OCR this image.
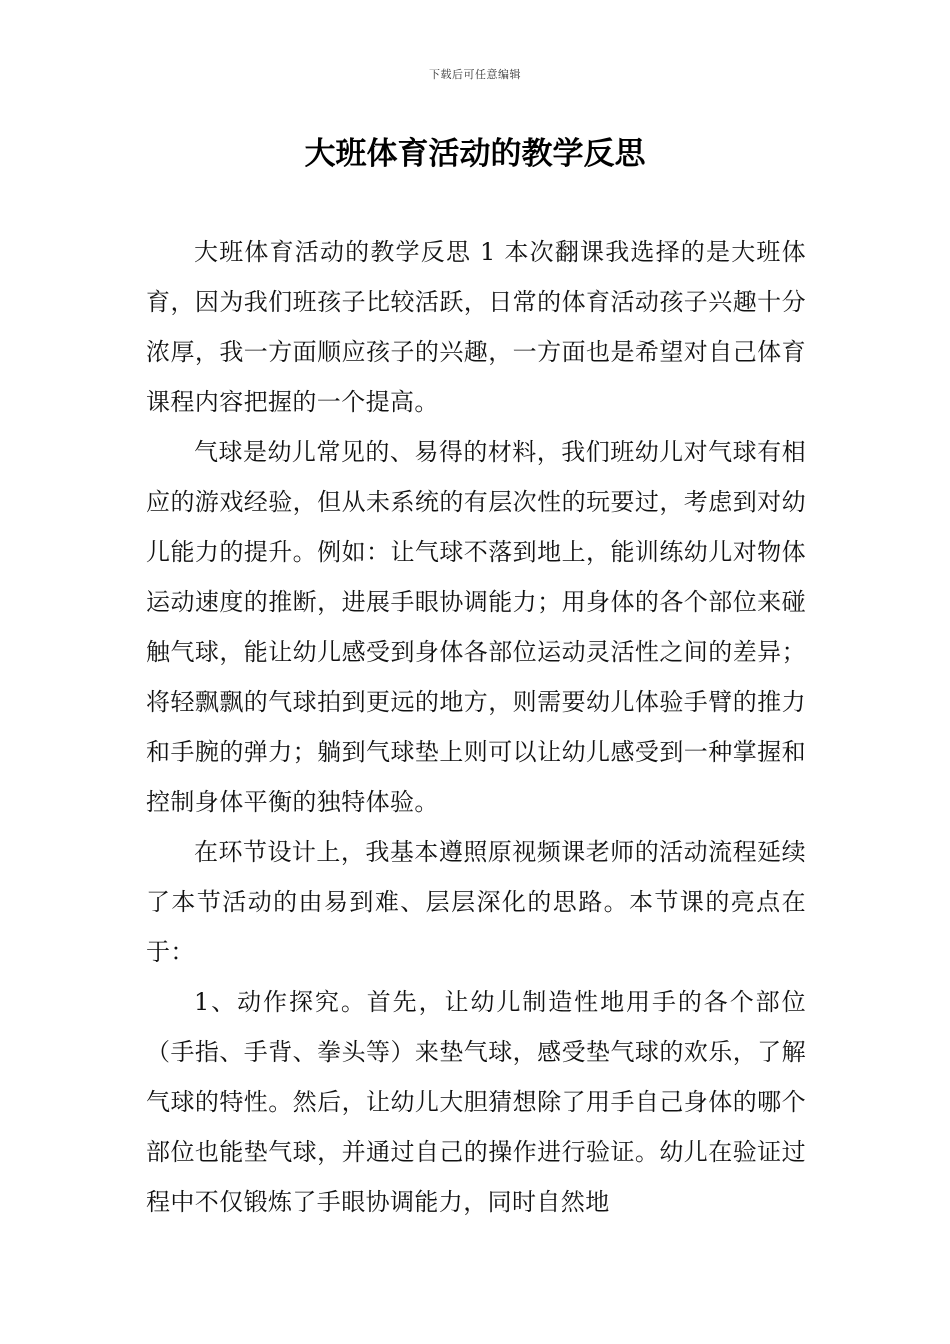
下载后可任意编辑
大班体育活动的教学反思

大班体育活动的教学反思 1 本次翻课我选择的是大班体育，因为我们班孩子比较活跃，日常的体育活动孩子兴趣十分浓厚，我一方面顺应孩子的兴趣，一方面也是希望对自己体育课程内容把握的一个提高。

气球是幼儿常见的、易得的材料，我们班幼儿对气球有相应的游戏经验，但从未系统的有层次性的玩要过，考虑到对幼儿能力的提升。例如：让气球不落到地上，能训练幼儿对物体运动速度的推断，进展手眼协调能力；用身体的各个部位来碰触气球，能让幼儿感受到身体各部位运动灵活性之间的差异；将轻飘飘的气球拍到更远的地方，则需要幼儿体验手臂的推力和手腕的弹力；躺到气球垫上则可以让幼儿感受到一种掌握和控制身体平衡的独特体验。

在环节设计上，我基本遵照原视频课老师的活动流程延续了本节活动的由易到难、层层深化的思路。本节课的亮点在于：

1、动作探究。首先，让幼儿制造性地用手的各个部位（手指、手背、拳头等）来垫气球，感受垫气球的欢乐，了解气球的特性。然后，让幼儿大胆猜想除了用手自己身体的哪个部位也能垫气球，并通过自己的操作进行验证。幼儿在验证过程中不仅锻炼了手眼协调能力，同时自然地
